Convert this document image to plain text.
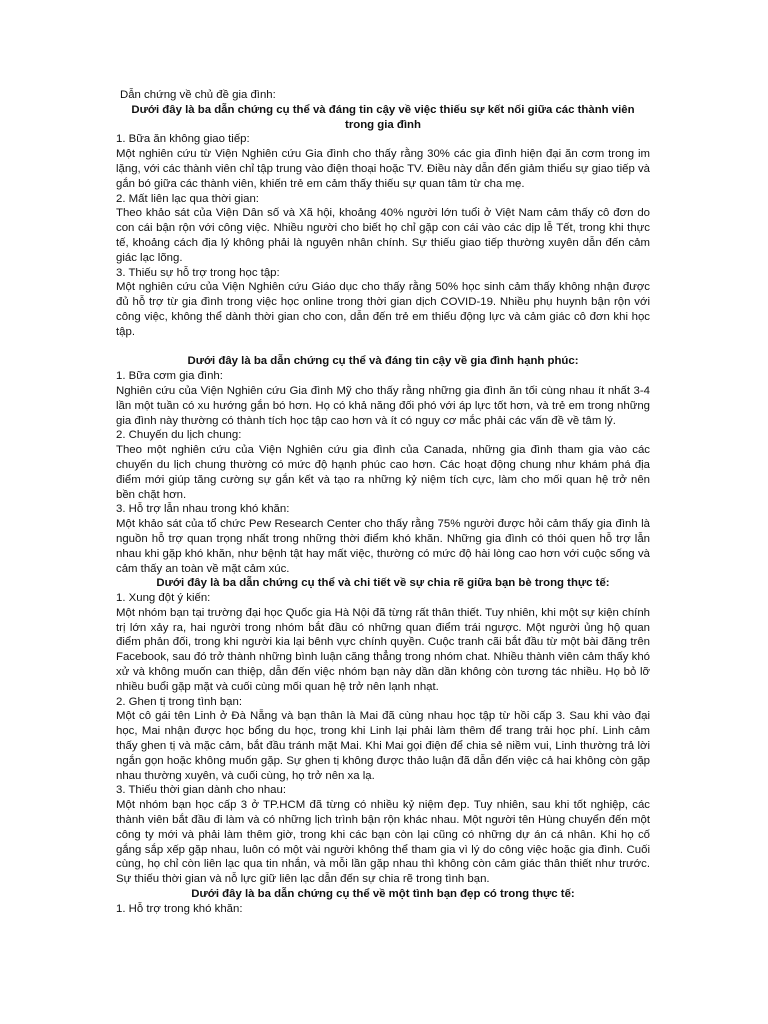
Dẫn chứng về chủ đề gia đình:

Dưới đây là ba dẫn chứng cụ thể và đáng tin cậy về việc thiếu sự kết nối giữa các thành viên trong gia đình

1. Bữa ăn không giao tiếp:

Một nghiên cứu từ Viện Nghiên cứu Gia đình cho thấy rằng 30% các gia đình hiện đại ăn cơm trong im lặng, với các thành viên chỉ tập trung vào điện thoại hoặc TV. Điều này dẫn đến giảm thiểu sự giao tiếp và gắn bó giữa các thành viên, khiến trẻ em cảm thấy thiếu sự quan tâm từ cha mẹ.

2. Mất liên lạc qua thời gian:

Theo khảo sát của Viện Dân số và Xã hội, khoảng 40% người lớn tuổi ở Việt Nam cảm thấy cô đơn do con cái bận rộn với công việc. Nhiều người cho biết họ chỉ gặp con cái vào các dịp lễ Tết, trong khi thực tế, khoảng cách địa lý không phải là nguyên nhân chính. Sự thiếu giao tiếp thường xuyên dẫn đến cảm giác lạc lõng.

3. Thiếu sự hỗ trợ trong học tập:

Một nghiên cứu của Viện Nghiên cứu Giáo dục cho thấy rằng 50% học sinh cảm thấy không nhận được đủ hỗ trợ từ gia đình trong việc học online trong thời gian dịch COVID-19. Nhiều phụ huynh bận rộn với công việc, không thể dành thời gian cho con, dẫn đến trẻ em thiếu động lực và cảm giác cô đơn khi học tập.

Dưới đây là ba dẫn chứng cụ thể và đáng tin cậy về gia đình hạnh phúc:

1. Bữa cơm gia đình:

Nghiên cứu của Viện Nghiên cứu Gia đình Mỹ cho thấy rằng những gia đình ăn tối cùng nhau ít nhất 3-4 lần một tuần có xu hướng gắn bó hơn. Họ có khả năng đối phó với áp lực tốt hơn, và trẻ em trong những gia đình này thường có thành tích học tập cao hơn và ít có nguy cơ mắc phải các vấn đề về tâm lý.

2. Chuyến du lịch chung:

Theo một nghiên cứu của Viện Nghiên cứu gia đình của Canada, những gia đình tham gia vào các chuyến du lịch chung thường có mức độ hạnh phúc cao hơn. Các hoạt động chung như khám phá địa điểm mới giúp tăng cường sự gắn kết và tạo ra những kỷ niệm tích cực, làm cho mối quan hệ trở nên bền chặt hơn.

3. Hỗ trợ lẫn nhau trong khó khăn:

Một khảo sát của tổ chức Pew Research Center cho thấy rằng 75% người được hỏi cảm thấy gia đình là nguồn hỗ trợ quan trọng nhất trong những thời điểm khó khăn. Những gia đình có thói quen hỗ trợ lẫn nhau khi gặp khó khăn, như bệnh tật hay mất việc, thường có mức độ hài lòng cao hơn với cuộc sống và cảm thấy an toàn về mặt cảm xúc.

Dưới đây là ba dẫn chứng cụ thể và chi tiết về sự chia rẽ giữa bạn bè trong thực tế:

1. Xung đột ý kiến:

Một nhóm bạn tại trường đại học Quốc gia Hà Nội đã từng rất thân thiết. Tuy nhiên, khi một sự kiện chính trị lớn xảy ra, hai người trong nhóm bắt đầu có những quan điểm trái ngược. Một người ủng hộ quan điểm phản đối, trong khi người kia lại bênh vực chính quyền. Cuộc tranh cãi bắt đầu từ một bài đăng trên Facebook, sau đó trở thành những bình luận căng thẳng trong nhóm chat. Nhiều thành viên cảm thấy khó xử và không muốn can thiệp, dẫn đến việc nhóm bạn này dần dần không còn tương tác nhiều. Họ bỏ lỡ nhiều buổi gặp mặt và cuối cùng mối quan hệ trở nên lạnh nhạt.

2. Ghen tị trong tình bạn:

Một cô gái tên Linh ở Đà Nẵng và bạn thân là Mai đã cùng nhau học tập từ hồi cấp 3. Sau khi vào đại học, Mai nhận được học bổng du học, trong khi Linh lại phải làm thêm để trang trải học phí. Linh cảm thấy ghen tị và mặc cảm, bắt đầu tránh mặt Mai. Khi Mai gọi điện để chia sẻ niềm vui, Linh thường trả lời ngắn gọn hoặc không muốn gặp. Sự ghen tị không được thảo luận đã dẫn đến việc cả hai không còn gặp nhau thường xuyên, và cuối cùng, họ trở nên xa lạ.

3. Thiếu thời gian dành cho nhau:

Một nhóm bạn học cấp 3 ở TP.HCM đã từng có nhiều kỷ niệm đẹp. Tuy nhiên, sau khi tốt nghiệp, các thành viên bắt đầu đi làm và có những lịch trình bận rộn khác nhau. Một người tên Hùng chuyển đến một công ty mới và phải làm thêm giờ, trong khi các bạn còn lại cũng có những dự án cá nhân. Khi họ cố gắng sắp xếp gặp nhau, luôn có một vài người không thể tham gia vì lý do công việc hoặc gia đình. Cuối cùng, họ chỉ còn liên lạc qua tin nhắn, và mỗi lần gặp nhau thì không còn cảm giác thân thiết như trước. Sự thiếu thời gian và nỗ lực giữ liên lạc dẫn đến sự chia rẽ trong tình bạn.

Dưới đây là ba dẫn chứng cụ thể về một tình bạn đẹp có trong thực tế:

1. Hỗ trợ trong khó khăn:
